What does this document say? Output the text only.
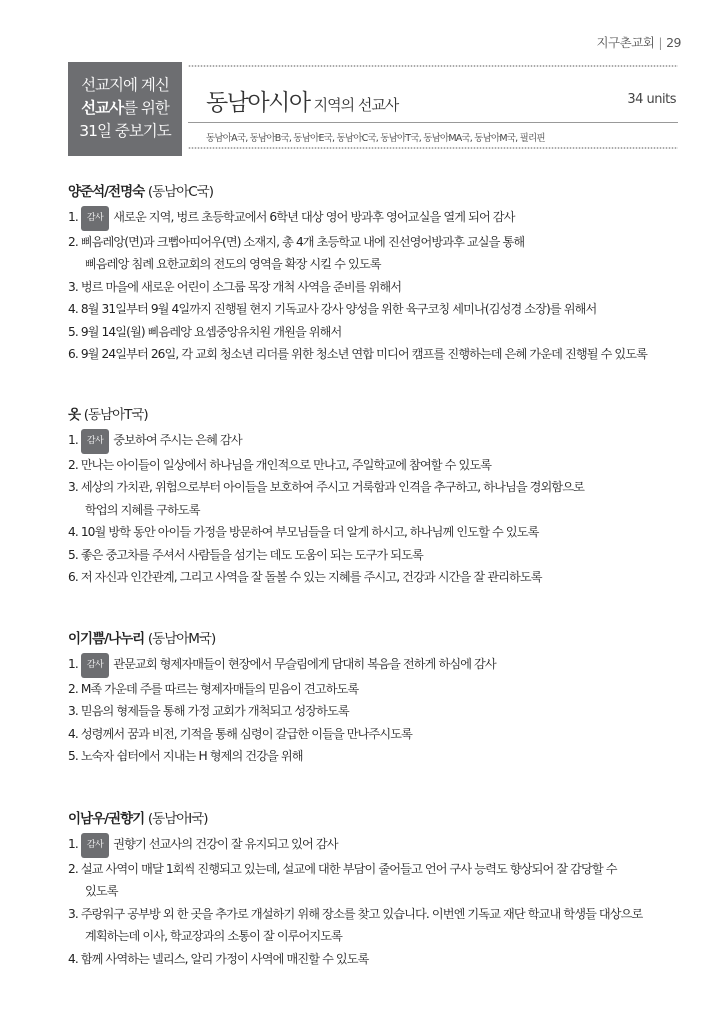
지구촌교회 | 29
선교지에 계신
선교사를 위한
31일 중보기도
동남아시아 지역의 선교사	34 units
동남아A국, 동남아B국, 동남아E국, 동남아C국, 동남아T국, 동남아MA국, 동남아M국, 필리핀
양준석/전명숙 (동남아C국)
1. 감사 새로운 지역, 벙르 초등학교에서 6학년 대상 영어 방과후 영어교실을 열게 되어 감사
2. 삐음레앙(면)과 크뻡아띠어우(면) 소재지, 총 4개 초등학교 내에 진선영어방과후 교실을 통해
삐음레앙 침례 요한교회의 전도의 영역을 확장 시킬 수 있도록
3. 벙르 마을에 새로운 어린이 소그룹 목장 개척 사역을 준비를 위해서
4. 8월 31일부터 9월 4일까지 진행될 현지 기독교사 강사 양성을 위한 육구코칭 세미나(김성경 소장)를 위해서
5. 9월 14일(월) 삐음레앙 요셉중앙유치원 개원을 위해서
6. 9월 24일부터 26일, 각 교회 청소년 리더를 위한 청소년 연합 미디어 캠프를 진행하는데 은혜 가운데 진행될 수 있도록
옷 (동남아T국)
1. 감사 중보하여 주시는 은혜 감사
2. 만나는 아이들이 일상에서 하나님을 개인적으로 만나고, 주일학교에 참여할 수 있도록
3. 세상의 가치관, 위험으로부터 아이들을 보호하여 주시고 거룩함과 인격을 추구하고, 하나님을 경외함으로
학업의 지혜를 구하도록
4. 10월 방학 동안 아이들 가정을 방문하여 부모님들을 더 알게 하시고, 하나님께 인도할 수 있도록
5. 좋은 중고차를 주셔서 사람들을 섬기는 데도 도움이 되는 도구가 되도록
6. 저 자신과 인간관계, 그리고 사역을 잘 돌볼 수 있는 지혜를 주시고, 건강과 시간을 잘 관리하도록
이기쁨/나누리 (동남아M국)
1. 감사 관문교회 형제자매들이 현장에서 무슬림에게 담대히 복음을 전하게 하심에 감사
2. M족 가운데 주를 따르는 형제자매들의 믿음이 견고하도록
3. 믿음의 형제들을 통해 가정 교회가 개척되고 성장하도록
4. 성령께서 꿈과 비전, 기적을 통해 심령이 갈급한 이들을 만나주시도록
5. 노숙자 쉼터에서 지내는 H 형제의 건강을 위해
이남우/권향기 (동남아I국)
1. 감사 권향기 선교사의 건강이 잘 유지되고 있어 감사
2. 설교 사역이 매달 1회씩 진행되고 있는데, 설교에 대한 부담이 줄어들고 언어 구사 능력도 향상되어 잘 감당할 수
있도록
3. 주랑워구 공부방 외 한 곳을 추가로 개설하기 위해 장소를 찾고 있습니다. 이번엔 기독교 재단 학교내 학생들 대상으로
계획하는데 이사, 학교장과의 소통이 잘 이루어지도록
4. 함께 사역하는 넬리스, 알리 가정이 사역에 매진할 수 있도록
